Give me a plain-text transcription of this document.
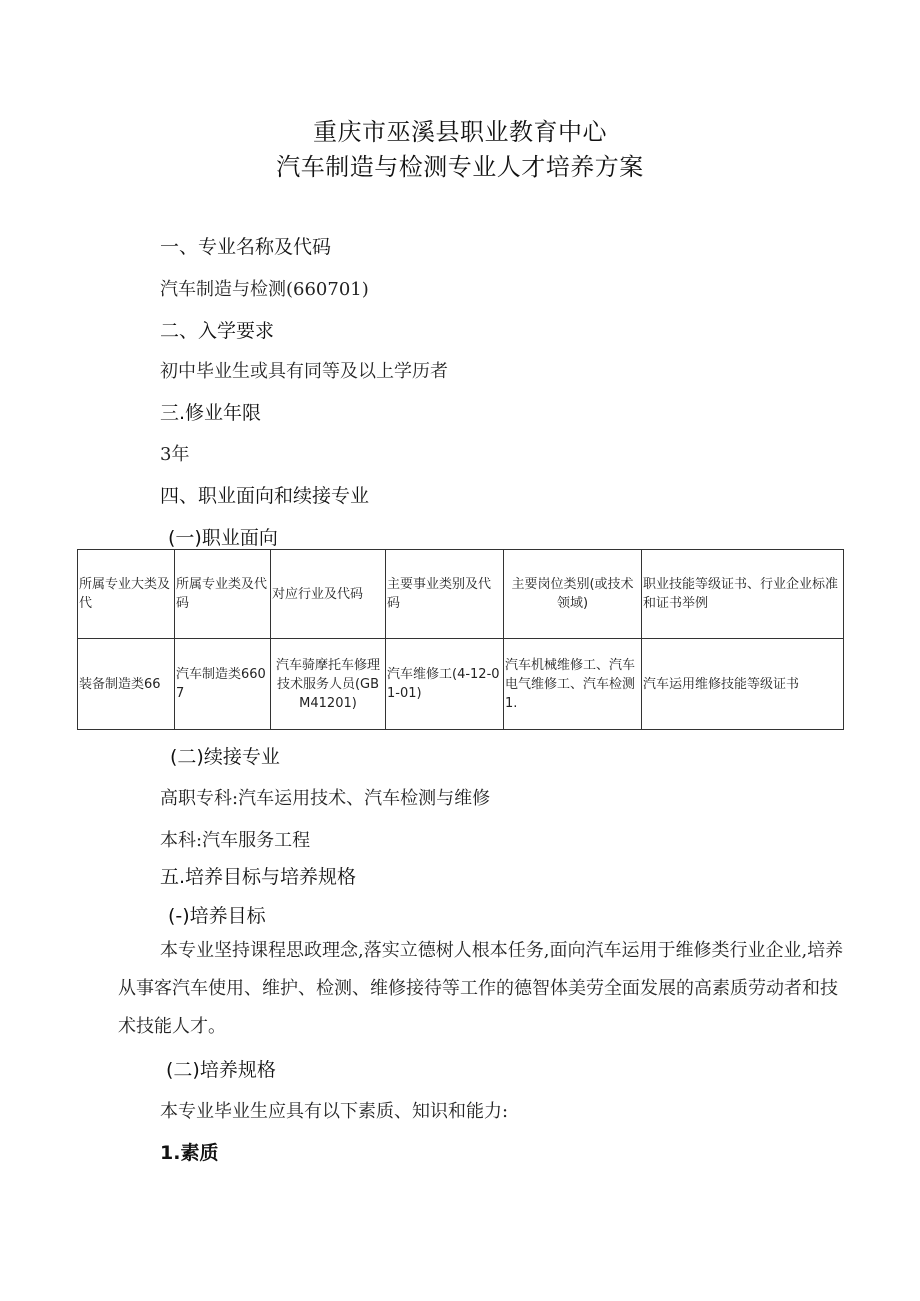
重庆市巫溪县职业教育中心
汽车制造与检测专业人才培养方案
一、专业名称及代码
汽车制造与检测(660701)
二、入学要求
初中毕业生或具有同等及以上学历者
三.修业年限
3年
四、职业面向和续接专业
(一)职业面向
所属专业大类及代	所属专业类及代码	对应行业及代码	主要事业类别及代码	主要岗位类别(或技术领域)	职业技能等级证书、行业企业标准和证书举例
装备制造类66	汽车制造类6607	汽车骑摩托车修理技术服务人员(GBM41201)	汽车维修工(4-12-01-01)	汽车机械维修工、汽车电气维修工、汽车检测1.	汽车运用维修技能等级证书
(二)续接专业
高职专科:汽车运用技术、汽车检测与维修
本科:汽车服务工程
五.培养目标与培养规格
(-)培养目标
本专业坚持课程思政理念,落实立德树人根本任务,面向汽车运用于维修类行业企业,培养从事客汽车使用、维护、检测、维修接待等工作的德智体美劳全面发展的高素质劳动者和技术技能人才。
(二)培养规格
本专业毕业生应具有以下素质、知识和能力:
1.素质
